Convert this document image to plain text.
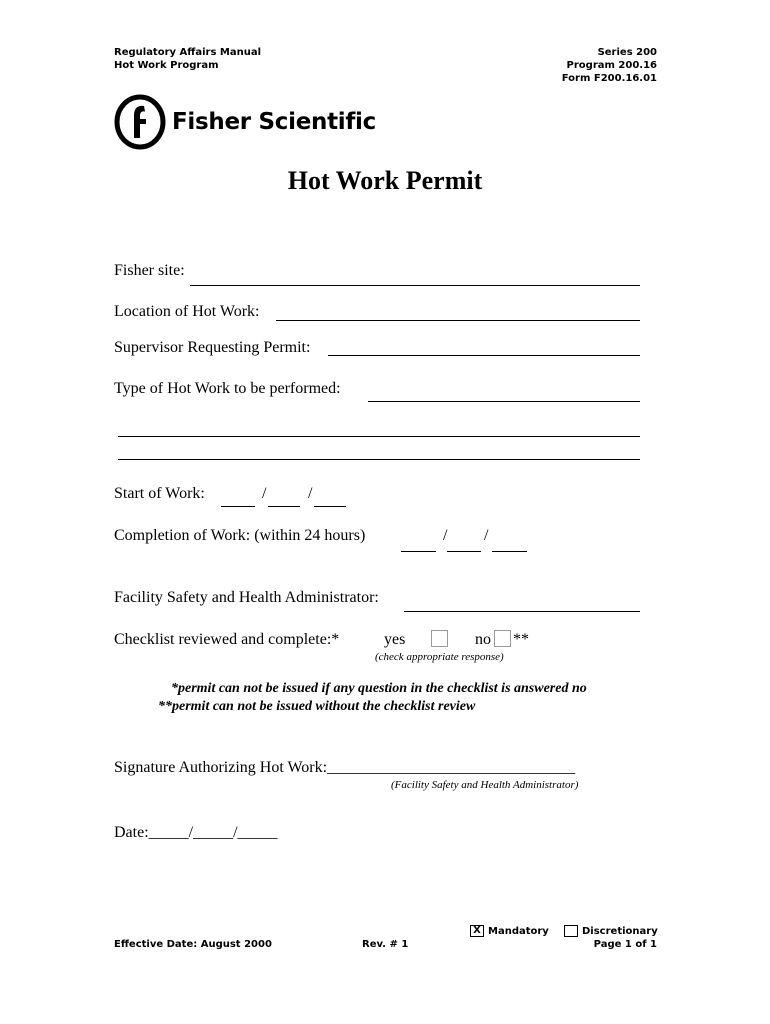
Regulatory Affairs Manual
Hot Work Program
Series 200
Program 200.16
Form F200.16.01
Fisher Scientific
Hot Work Permit
Fisher site:
Location of Hot Work:
Supervisor Requesting Permit:
Type of Hot Work to be performed:
Start of Work:	/	/
Completion of Work: (within 24 hours)	/ /
Facility Safety and Health Administrator:
Checklist reviewed and complete:*	yes	no **
(check appropriate response)
*permit can not be issued if any question in the checklist is answered no
**permit can not be issued without the checklist review
Signature Authorizing Hot Work:_______________________________
(Facility Safety and Health Administrator)
Date:_____/_____/_____
Effective Date: August 2000	Rev. # 1
X Mandatory	Discretionary
Page 1 of 1
